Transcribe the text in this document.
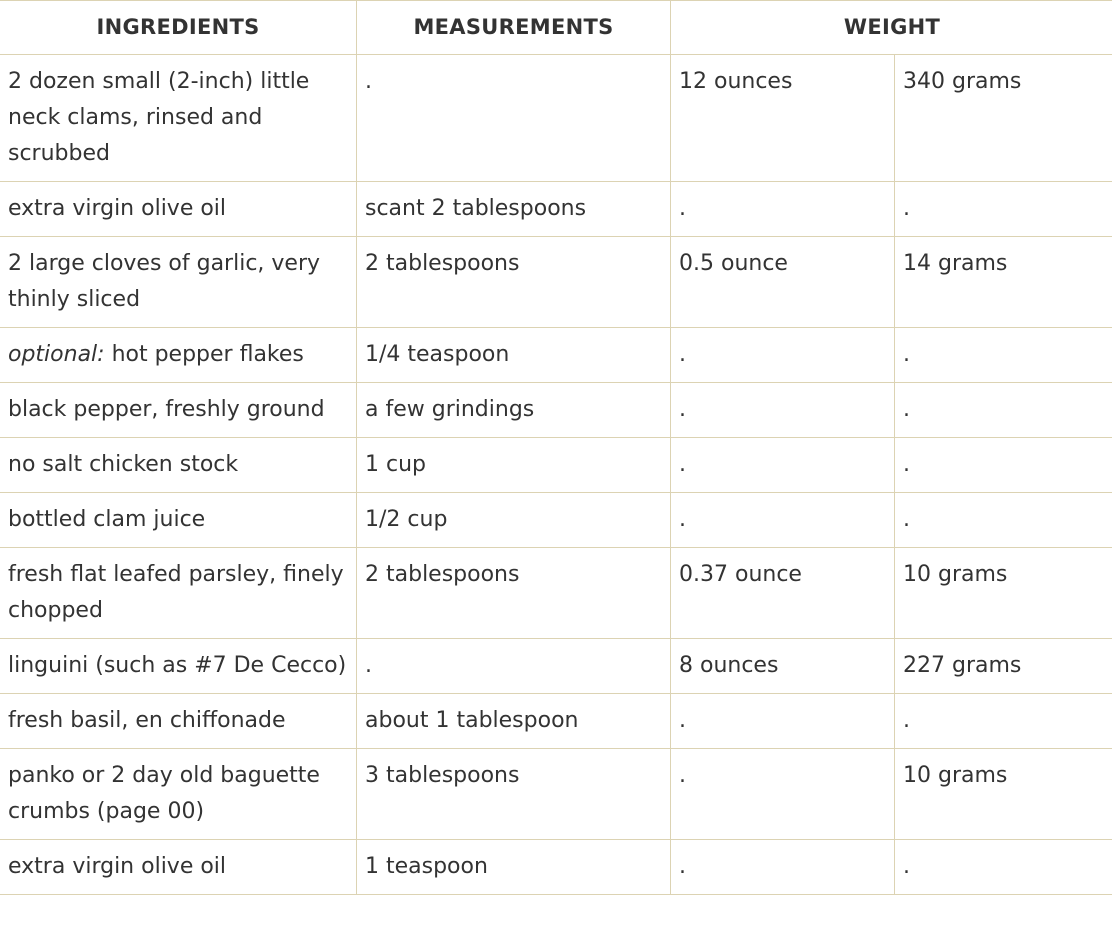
INGREDIENTS	MEASUREMENTS	WEIGHT	
2 dozen small (2-inch) little neck clams, rinsed and scrubbed	.	12 ounces	340 grams
extra virgin olive oil	scant 2 tablespoons	.	.
2 large cloves of garlic, very thinly sliced	2 tablespoons	0.5 ounce	14 grams
optional: hot pepper flakes	1/4 teaspoon	.	.
black pepper, freshly ground	a few grindings	.	.
no salt chicken stock	1 cup	.	.
bottled clam juice	1/2 cup	.	.
fresh flat leafed parsley, finely chopped	2 tablespoons	0.37 ounce	10 grams
linguini (such as #7 De Cecco)	.	8 ounces	227 grams
fresh basil, en chiffonade	about 1 tablespoon	.	.
panko or 2 day old baguette crumbs (page 00)	3 tablespoons	.	10 grams
extra virgin olive oil	1 teaspoon	.	.
